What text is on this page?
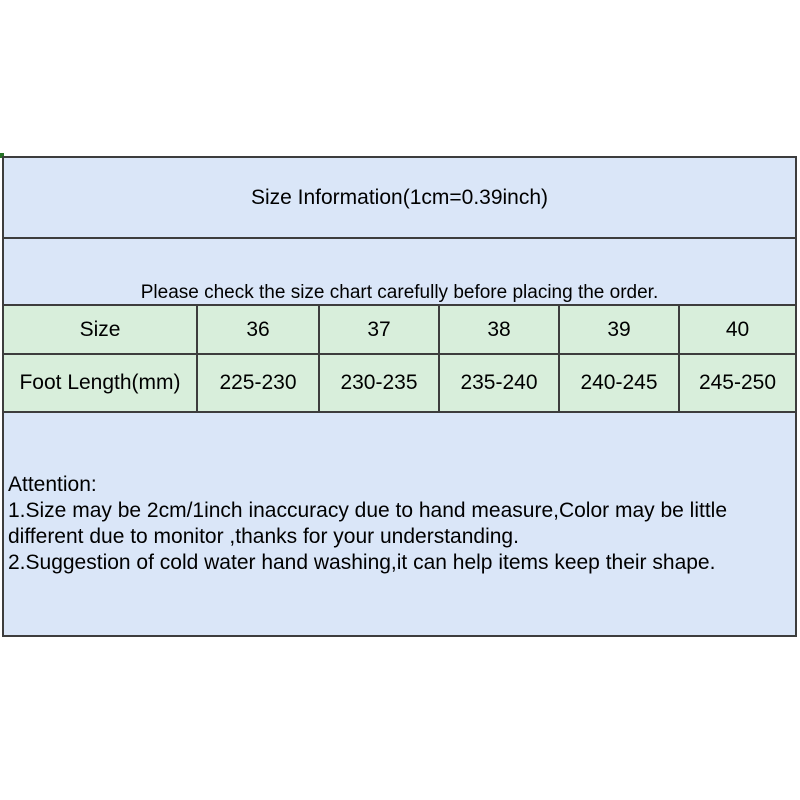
Size Information(1cm=0.39inch)
Please check the size chart carefully before placing the order.
Size	36	37	38	39	40
Foot Length(mm)	225-230	230-235	235-240	240-245	245-250
Attention:
1.Size may be 2cm/1inch inaccuracy due to hand measure,Color may be little
different due to monitor ,thanks for your understanding.
2.Suggestion of cold water hand washing,it can help items keep their shape.
